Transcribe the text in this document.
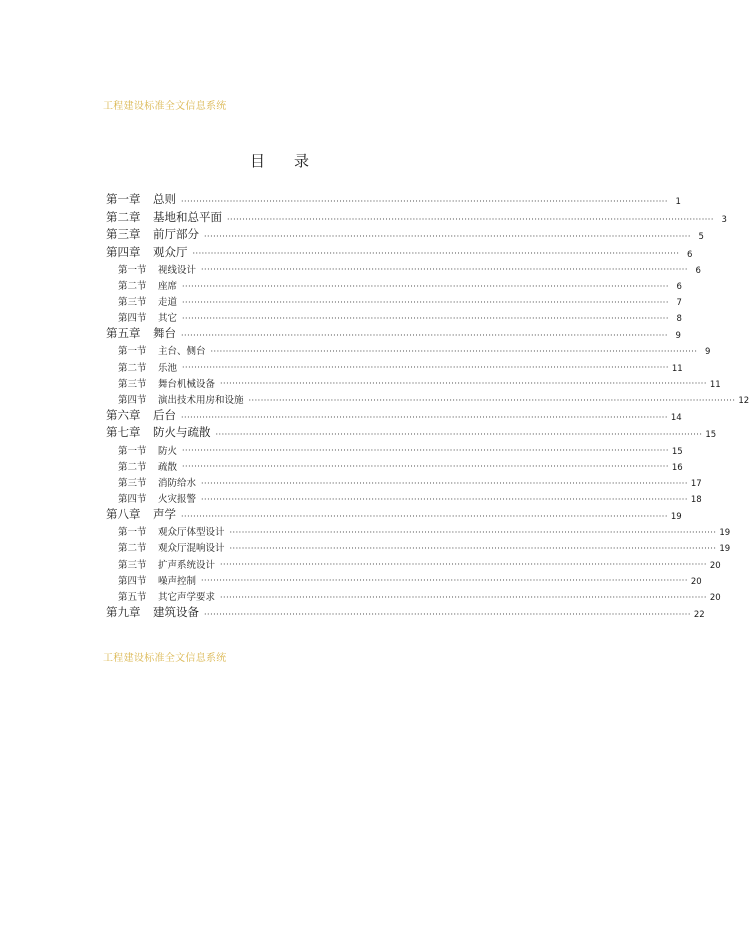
工程建设标准全文信息系统
目 录
第一章	总则 ································································································································································ 1
第二章	基地和总平面 ································································································································································ 3
第三章	前厅部分 ································································································································································ 5
第四章	观众厅 ································································································································································ 6
第一节	视线设计 ································································································································································ 6
第二节	座席 ································································································································································ 6
第三节	走道 ································································································································································ 7
第四节	其它 ································································································································································ 8
第五章	舞台 ································································································································································ 9
第一节	主台、侧台 ································································································································································ 9
第二节	乐池 ································································································································································ 11
第三节	舞台机械设备 ································································································································································ 11
第四节	演出技术用房和设施 ································································································································································ 12
第六章	后台 ································································································································································ 14
第七章	防火与疏散 ································································································································································ 15
第一节	防火 ································································································································································ 15
第二节	疏散 ································································································································································ 16
第三节	消防给水 ································································································································································ 17
第四节	火灾报警 ································································································································································ 18
第八章	声学 ································································································································································ 19
第一节	观众厅体型设计 ································································································································································ 19
第二节	观众厅混响设计 ································································································································································ 19
第三节	扩声系统设计 ································································································································································ 20
第四节	噪声控制 ································································································································································ 20
第五节	其它声学要求 ································································································································································ 20
第九章	建筑设备 ································································································································································ 22
工程建设标准全文信息系统
